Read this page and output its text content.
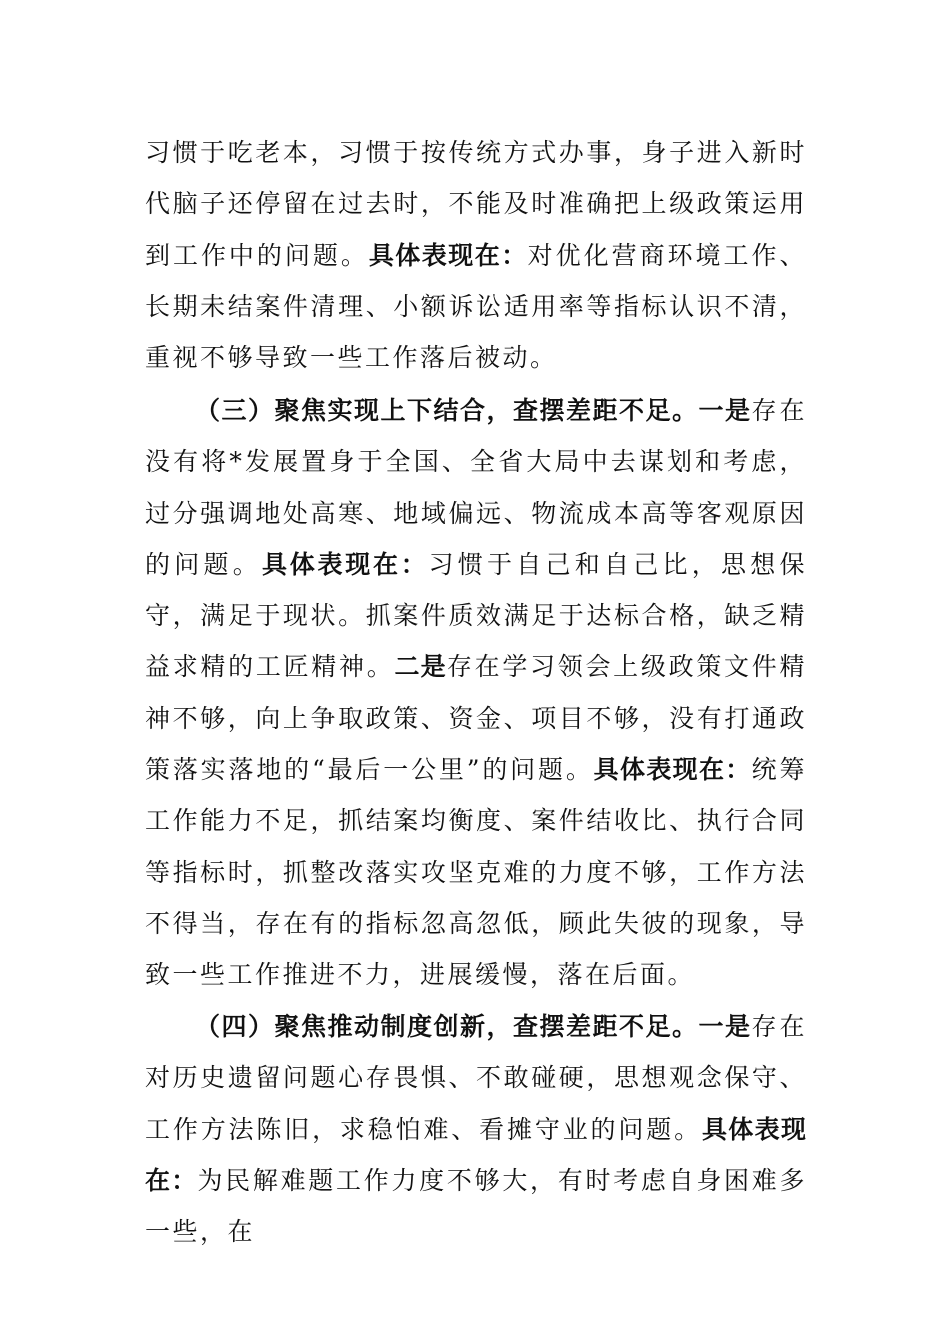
习惯于吃老本，习惯于按传统方式办事，身子进入新时代脑子还停留在过去时，不能及时准确把上级政策运用到工作中的问题。具体表现在：对优化营商环境工作、长期未结案件清理、小额诉讼适用率等指标认识不清，重视不够导致一些工作落后被动。

（三）聚焦实现上下结合，查摆差距不足。一是存在没有将*发展置身于全国、全省大局中去谋划和考虑，过分强调地处高寒、地域偏远、物流成本高等客观原因的问题。具体表现在：习惯于自己和自己比，思想保守，满足于现状。抓案件质效满足于达标合格，缺乏精益求精的工匠精神。二是存在学习领会上级政策文件精神不够，向上争取政策、资金、项目不够，没有打通政策落实落地的“最后一公里”的问题。具体表现在：统筹工作能力不足，抓结案均衡度、案件结收比、执行合同等指标时，抓整改落实攻坚克难的力度不够，工作方法不得当，存在有的指标忽高忽低，顾此失彼的现象，导致一些工作推进不力，进展缓慢，落在后面。

（四）聚焦推动制度创新，查摆差距不足。一是存在对历史遗留问题心存畏惧、不敢碰硬，思想观念保守、工作方法陈旧，求稳怕难、看摊守业的问题。具体表现在：为民解难题工作力度不够大，有时考虑自身困难多一些，在
